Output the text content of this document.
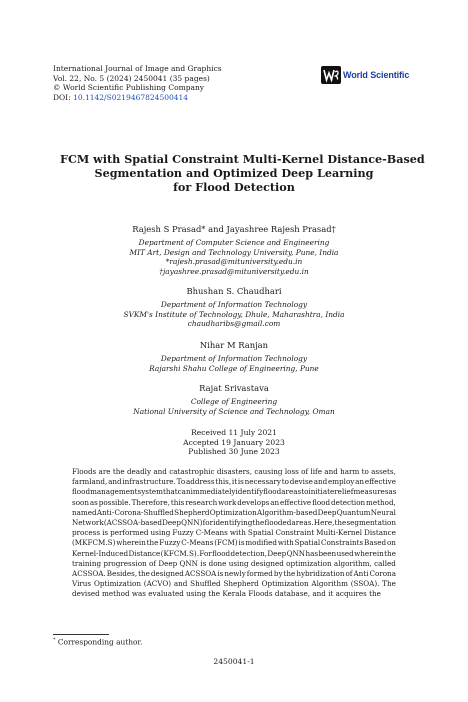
International Journal of Image and Graphics
Vol. 22, No. 5 (2024) 2450041 (35 pages)
© World Scientific Publishing Company
DOI: 10.1142/S0219467824500414
World Scientific
FCM with Spatial Constraint Multi-Kernel Distance-Based
Segmentation and Optimized Deep Learning
for Flood Detection
Rajesh S Prasad* and Jayashree Rajesh Prasad†
Department of Computer Science and Engineering
MIT Art, Design and Technology University, Pune, India
*rajesh.prasad@mituniversity.edu.in
†jayashree.prasad@mituniversity.edu.in
Bhushan S. Chaudhari
Department of Information Technology
SVKM's Institute of Technology, Dhule, Maharashtra, India
chaudharibs@gmail.com
Nihar M Ranjan
Department of Information Technology
Rajarshi Shahu College of Engineering, Pune
Rajat Srivastava
College of Engineering
National University of Science and Technology, Oman
Received 11 July 2021
Accepted 19 January 2023
Published 30 June 2023
Floods are the deadly and catastrophic disasters, causing loss of life and harm to assets,
farmland, and infrastructure. To address this, it is necessary to devise and employ an effective
flood management system that can immediately identify flood areas to initiate relief measures as
soon as possible. Therefore, this research work develops an effective flood detection method,
named Anti- Corona-Shuffled Shepherd Optimization Algorithm-based Deep Quantum Neural
Network (ACSSOA-based Deep QNN) for identifying the flooded areas. Here, the segmentation
process is performed using Fuzzy C-Means with Spatial Constraint Multi-Kernel Distance
(MKFCM.S) wherein the Fuzzy C-Means (FCM) is modified with Spatial Constraints Based on
Kernel-Induced Distance (KFCM.S). For flood detection, Deep QNN has been used wherein the
training progression of Deep QNN is done using designed optimization algorithm, called
ACSSOA. Besides, the designed ACSSOA is newly formed by the hybridization of Anti Corona
Virus Optimization (ACVO) and Shuffled Shepherd Optimization Algorithm (SSOA). The
devised method was evaluated using the Kerala Floods database, and it acquires the
* Corresponding author.
2450041-1
